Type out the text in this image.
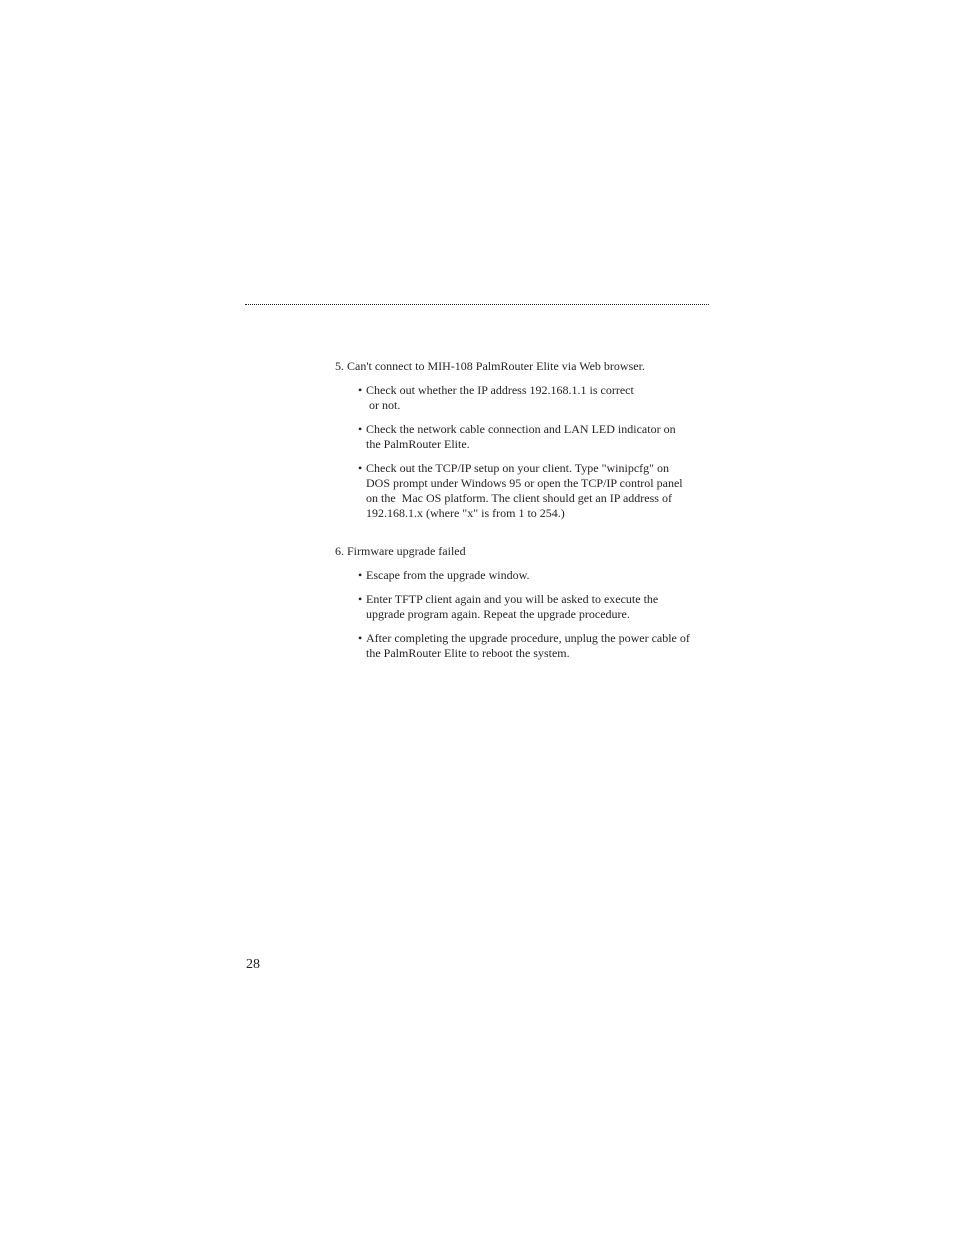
5. Can't connect to MIH-108 PalmRouter Elite via Web browser.

• Check out whether the IP address 192.168.1.1 is correct
or not.
• Check the network cable connection and LAN LED indicator on
the PalmRouter Elite.
• Check out the TCP/IP setup on your client. Type "winipcfg" on
DOS prompt under Windows 95 or open the TCP/IP control panel
on the  Mac OS platform. The client should get an IP address of
192.168.1.x (where "x" is from 1 to 254.)

6. Firmware upgrade failed

• Escape from the upgrade window.
• Enter TFTP client again and you will be asked to execute the
upgrade program again. Repeat the upgrade procedure.
• After completing the upgrade procedure, unplug the power cable of
the PalmRouter Elite to reboot the system.
28
